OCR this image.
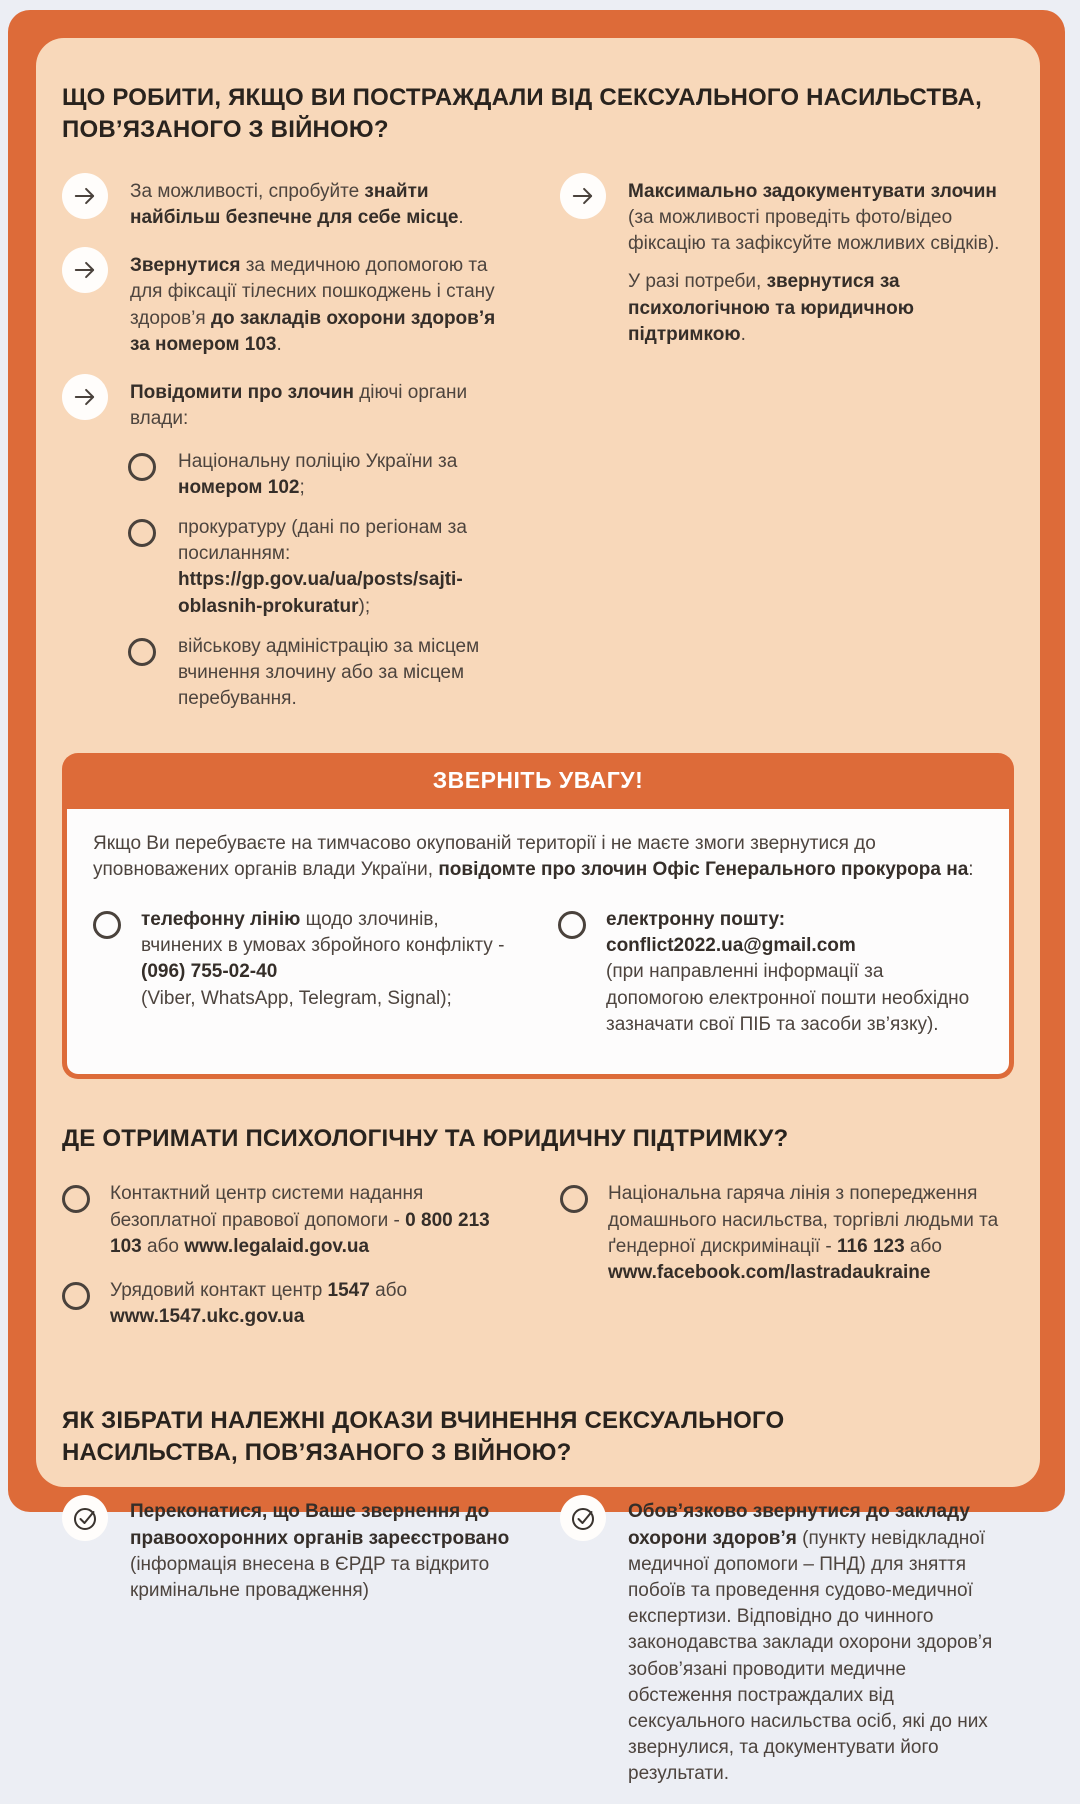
ЩО РОБИТИ, ЯКЩО ВИ ПОСТРАЖДАЛИ ВІД СЕКСУАЛЬНОГО НАСИЛЬСТВА, ПОВ’ЯЗАНОГО З ВІЙНОЮ?

За можливості, спробуйте знайти найбільш безпечне для себе місце.

Звернутися за медичною допомогою та для фіксації тілесних пошкоджень і стану здоров’я до закладів охорони здоров’я за номером 103.

Повідомити про злочин діючі органи влади:

Національну поліцію України за номером 102;
прокуратуру (дані по регіонам за посиланням: https://gp.gov.ua/ua/posts/sajti-oblasnih-prokuratur);
військову адміністрацію за місцем вчинення злочину або за місцем перебування.

Максимально задокументувати злочин (за можливості проведіть фото/відео фіксацію та зафіксуйте можливих свідків).

У разі потреби, звернутися за психологічною та юридичною підтримкою.

ЗВЕРНІТЬ УВАГУ!

Якщо Ви перебуваєте на тимчасово окупованій території і не маєте змоги звернутися до уповноважених органів влади України, повідомте про злочин Офіс Генерального прокурора на:

телефонну лінію щодо злочинів, вчинених в умовах збройного конфлікту -

(096) 755-02-40

(Viber, WhatsApp, Telegram, Signal);

електронну пошту:

conflict2022.ua@gmail.com

(при направленні інформації за допомогою електронної пошти необхідно зазначати свої ПІБ та засоби зв’язку).

ДЕ ОТРИМАТИ ПСИХОЛОГІЧНУ ТА ЮРИДИЧНУ ПІДТРИМКУ?
Контактний центр системи надання безоплатної правової допомоги - 0 800 213 103 або www.legalaid.gov.ua
Урядовий контакт центр 1547 або www.1547.ukc.gov.ua
Національна гаряча лінія з попередження домашнього насильства, торгівлі людьми та ґендерної дискримінації - 116 123 або www.facebook.com/lastradaukraine
ЯК ЗІБРАТИ НАЛЕЖНІ ДОКАЗИ ВЧИНЕННЯ СЕКСУАЛЬНОГО НАСИЛЬСТВА, ПОВ’ЯЗАНОГО З ВІЙНОЮ?
Переконатися, що Ваше звернення до правоохоронних органів зареєстровано (інформація внесена в ЄРДР та відкрито кримінальне провадження)
Обов’язково звернутися до закладу охорони здоров’я (пункту невідкладної медичної допомоги – ПНД) для зняття побоїв та проведення судово-медичної експертизи. Відповідно до чинного законодавства заклади охорони здоров’я зобов’язані проводити медичне обстеження постраждалих від сексуального насильства осіб, які до них звернулися, та документувати його результати.
